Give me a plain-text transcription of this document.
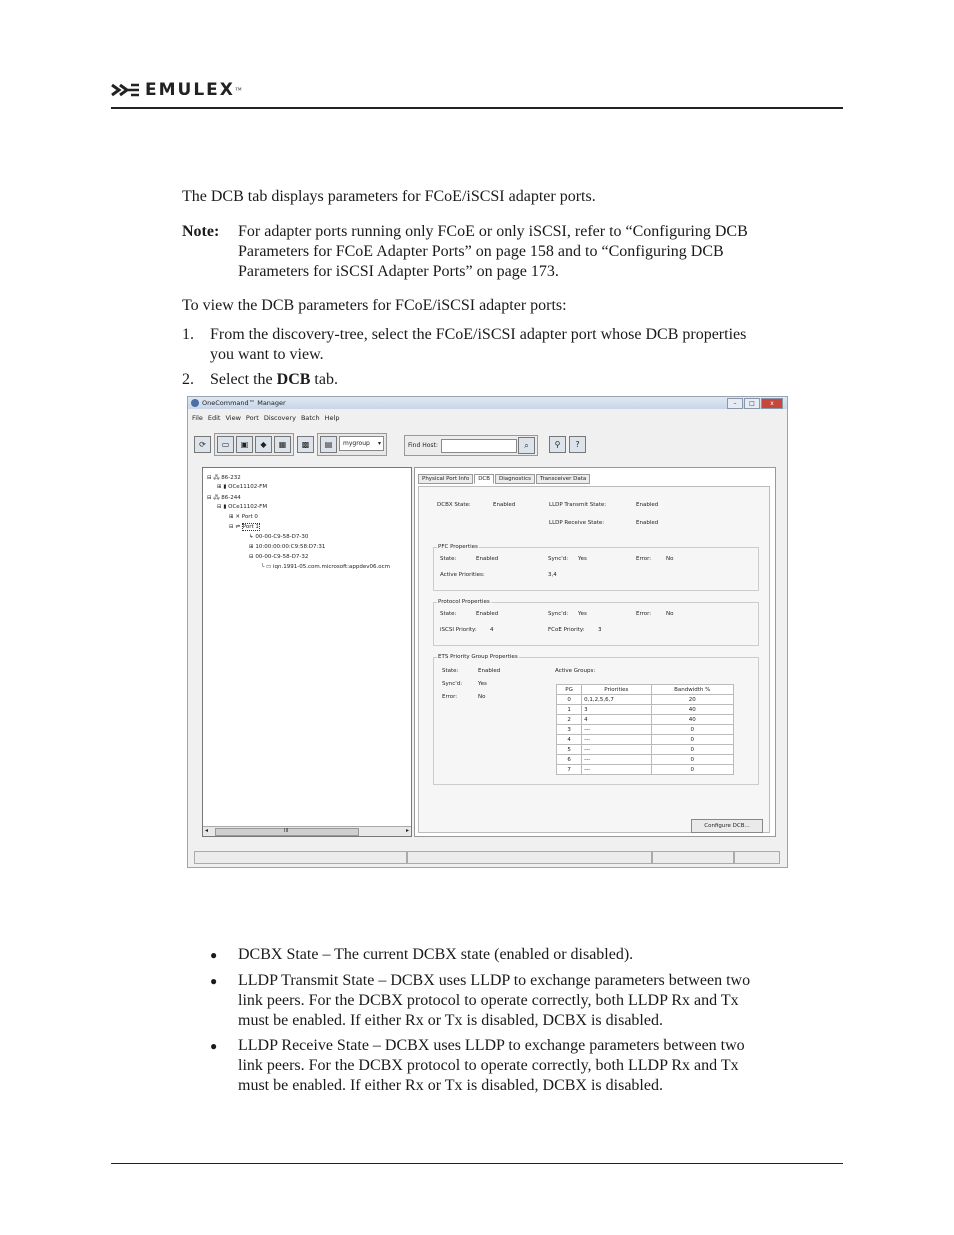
EMULEX ™
The DCB tab displays parameters for FCoE/iSCSI adapter ports.
Note: For adapter ports running only FCoE or only iSCSI, refer to “Configuring DCB
Parameters for FCoE Adapter Ports” on page 158 and to “Configuring DCB
Parameters for iSCSI Adapter Ports” on page 173.
To view the DCB parameters for FCoE/iSCSI adapter ports:
1. From the discovery-tree, select the FCoE/iSCSI adapter port whose DCB properties
you want to view.
2. Select the DCB tab.
OneCommand™ Manager	–	□	x
File Edit View Port Discovery Batch Help
⟳	▭	▣	◆	▦	▩	▤	mygroup ▾	Find Host:	⌕	⚲	?
⊟ 🖧 86-232
⊞ ▮ OCe11102-FM
⊟ 🖧 86-244
⊟ ▮ OCe11102-FM
⊞ ✕ Port 0
⊟ ⇌ Port 1
↳ 00-00-C9-58-D7-30
⊞ 10:00:00:00:C9:58:D7:31
⊟ 00-00-C9-58-D7-32
└ ▭ iqn.1991-05.com.microsoft:appdev06.ocm
◂	III	▸
Physical Port Info	DCB	Diagnostics	Transceiver Data
DCBX State:	Enabled	LLDP Transmit State:	Enabled
LLDP Receive State:	Enabled
PFC Properties
State:	Enabled	Sync'd: Yes	Error:	No
Active Priorities:	3,4
Protocol Properties
State:	Enabled	Sync'd: Yes	Error:	No
iSCSI Priority: 4	FCoE Priority: 3
ETS Priority Group Properties
State:	Enabled
Sync'd:	Yes
Error:	No
Active Groups:
PG	Priorities	Bandwidth %
0	0,1,2,5,6,7	20
1	3	40
2	4	40
3	---	0
4	---	0
5	---	0
6	---	0
7	---	0
Configure DCB...
● DCBX State – The current DCBX state (enabled or disabled).
● LLDP Transmit State – DCBX uses LLDP to exchange parameters between two
link peers. For the DCBX protocol to operate correctly, both LLDP Rx and Tx
must be enabled. If either Rx or Tx is disabled, DCBX is disabled.
● LLDP Receive State – DCBX uses LLDP to exchange parameters between two
link peers. For the DCBX protocol to operate correctly, both LLDP Rx and Tx
must be enabled. If either Rx or Tx is disabled, DCBX is disabled.
